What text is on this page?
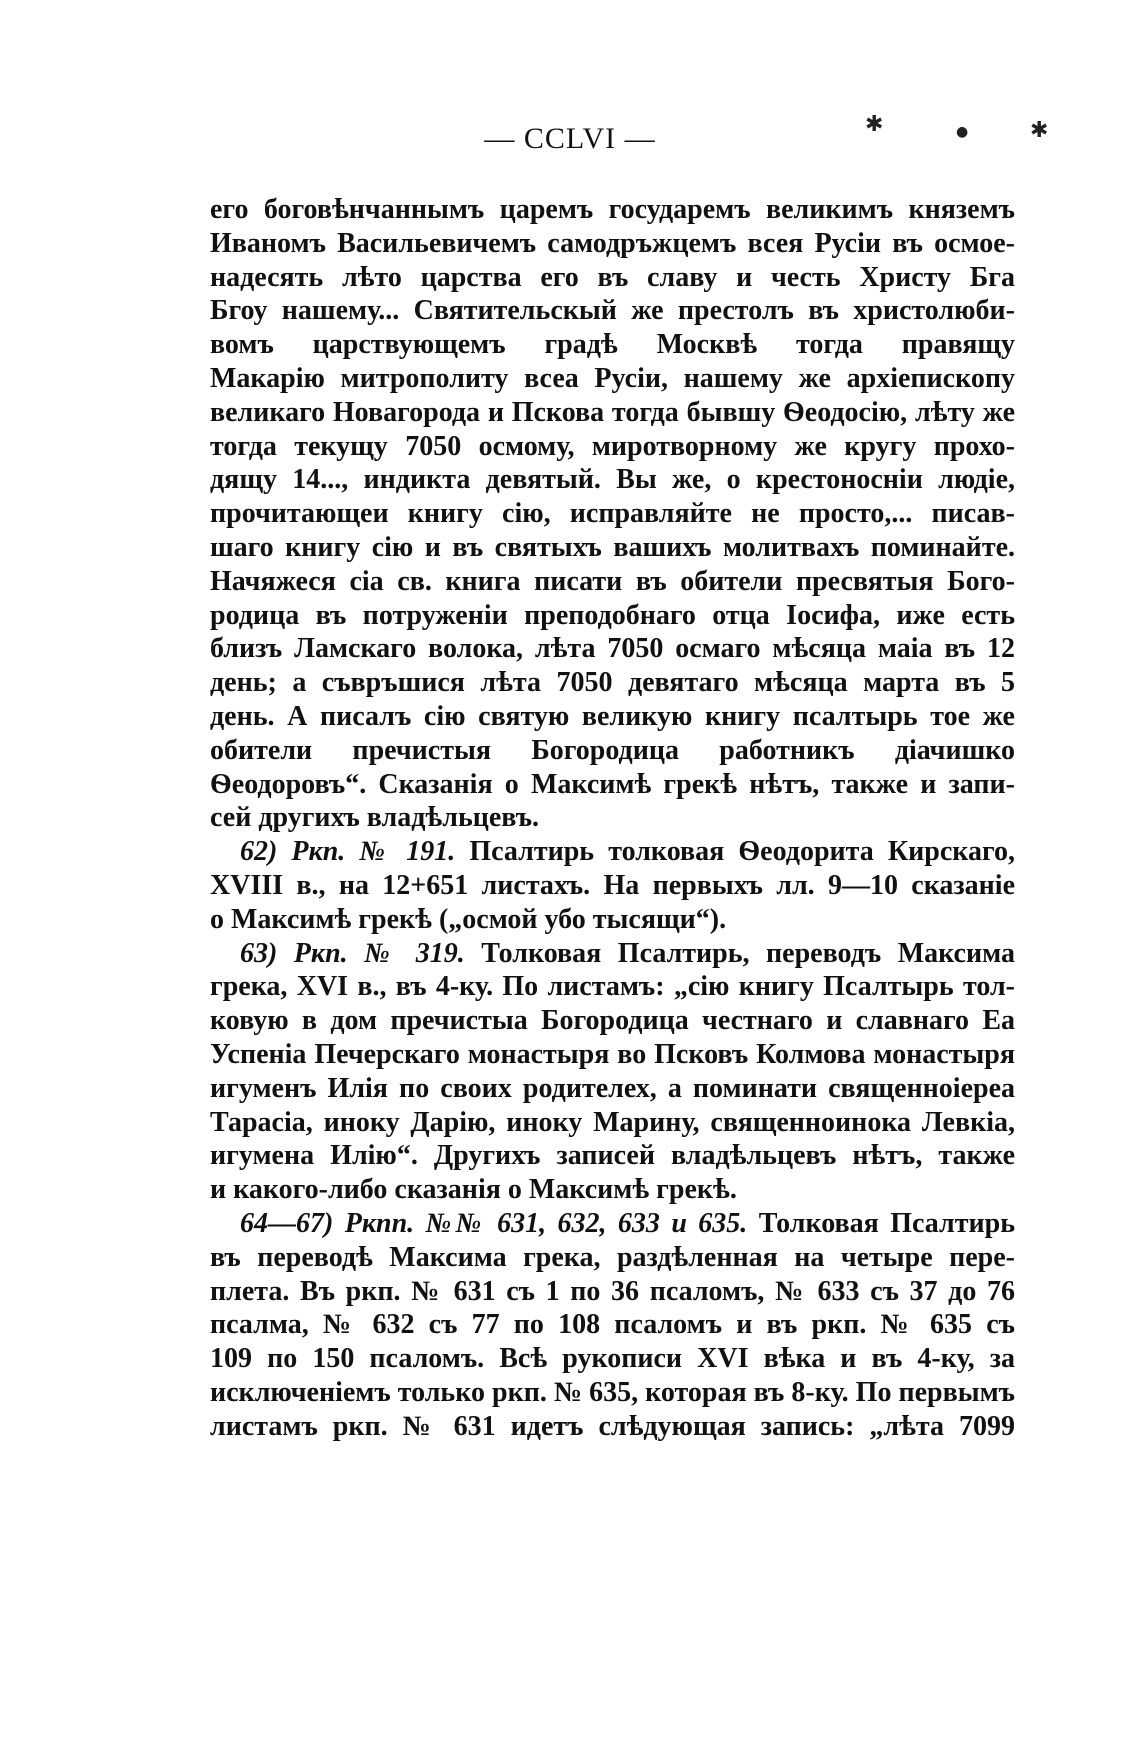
— CCLVI —	✱	●	✱
его боговѣнчаннымъ царемъ государемъ великимъ княземъ
Иваномъ Васильевичемъ самодръжцемъ всея Русіи въ осмое-
надесять лѣто царства его въ славу и честь Христу Бга
Бгоу нашему... Святительскый же престолъ въ христолюби-
вомъ царствующемъ градѣ Москвѣ тогда правящу
Макарію митрополиту всеа Русіи, нашему же архіепископу
великаго Новагорода и Пскова тогда бывшу Ѳеодосію, лѣту же
тогда текущу 7050 осмому, миротворному же кругу прохо-
дящу 14..., индикта девятый. Вы же, о крестоносніи людіе,
прочитающеи книгу сію, исправляйте не просто,... писав-
шаго книгу сію и въ святыхъ вашихъ молитвахъ поминайте.
Начяжеся сіа св. книга писати въ обители пресвятыя Бого-
родица въ потруженіи преподобнаго отца Іосифа, иже есть
близъ Ламскаго волока, лѣта 7050 осмаго мѣсяца маіа въ 12
день; а съвръшися лѣта 7050 девятаго мѣсяца марта въ 5
день. А писалъ сію святую великую книгу псалтырь тое же
обители пречистыя Богородица работникъ діачишко
Ѳеодоровъ“. Сказанія о Максимѣ грекѣ нѣтъ, также и запи-
сей другихъ владѣльцевъ.
62) Ркп. № 191. Псалтирь толковая Ѳеодорита Кирскаго,
XVIII в., на 12+651 листахъ. На первыхъ лл. 9—10 сказаніе
о Максимѣ грекѣ („осмой убо тысящи“).
63) Ркп. № 319. Толковая Псалтирь, переводъ Максима
грека, XVI в., въ 4-ку. По листамъ: „сію книгу Псалтырь тол-
ковую в дом пречистыа Богородица честнаго и славнаго Еа
Успеніа Печерскаго монастыря во Псковъ Колмова монастыря
игуменъ Илія по своих родителех, а поминати священноіереа
Тарасіа, иноку Дарію, иноку Марину, священноинока Левкіа,
игумена Илію“. Другихъ записей владѣльцевъ нѣтъ, также
и какого-либо сказанія о Максимѣ грекѣ.
64—67) Ркпп. №№ 631, 632, 633 и 635. Толковая Псалтирь
въ переводѣ Максима грека, раздѣленная на четыре пере-
плета. Въ ркп. № 631 съ 1 по 36 псаломъ, № 633 съ 37 до 76
псалма, № 632 съ 77 по 108 псаломъ и въ ркп. № 635 съ
109 по 150 псаломъ. Всѣ рукописи XVI вѣка и въ 4-ку, за
исключеніемъ только ркп. № 635, которая въ 8-ку. По первымъ
листамъ ркп. № 631 идетъ слѣдующая запись: „лѣта 7099
